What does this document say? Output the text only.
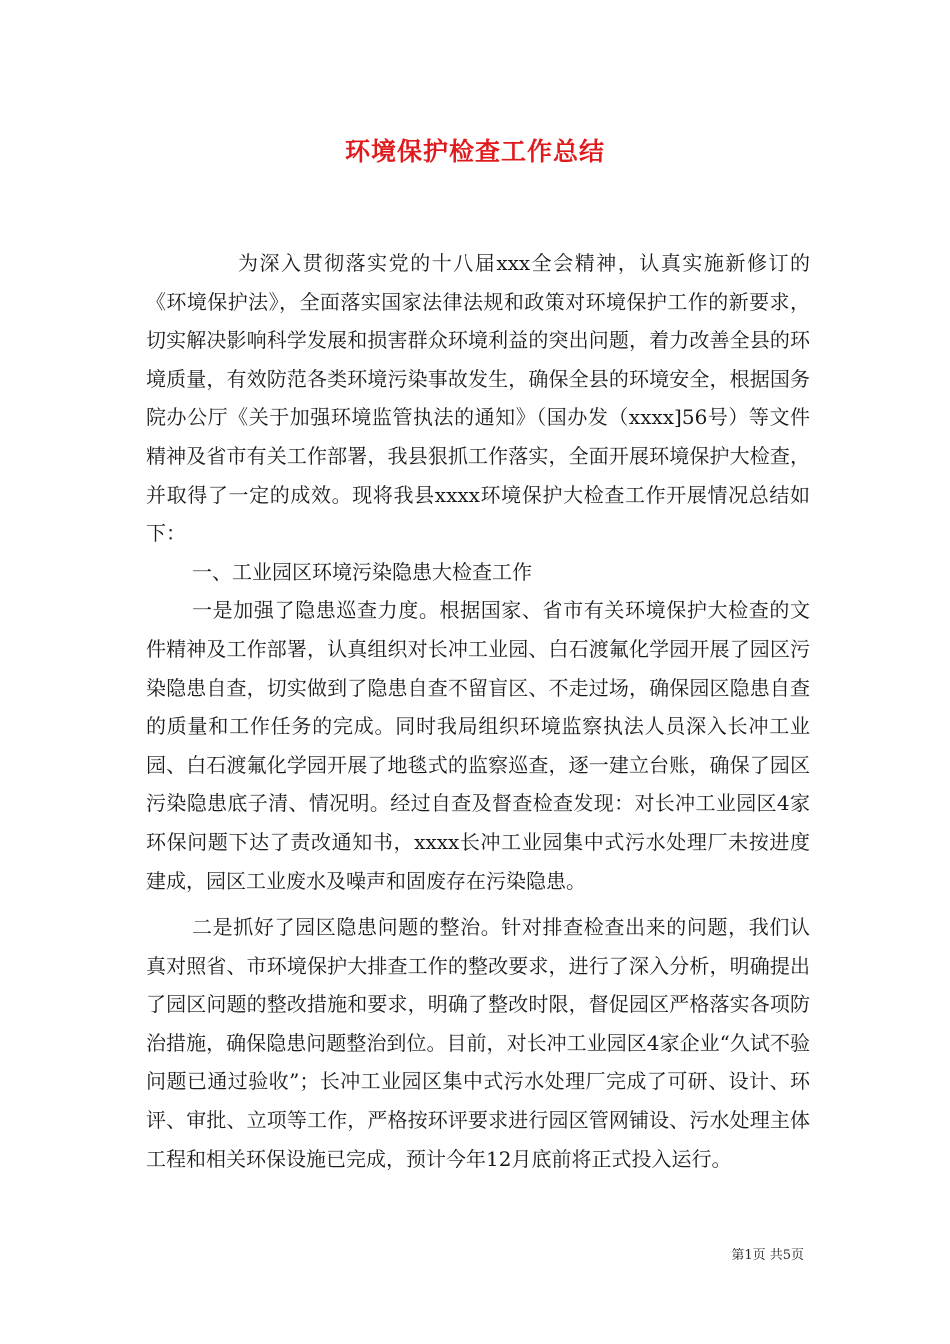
环境保护检查工作总结

为深入贯彻落实党的十八届xxx全会精神，认真实施新修订的《环境保护法》，全面落实国家法律法规和政策对环境保护工作的新要求，切实解决影响科学发展和损害群众环境利益的突出问题，着力改善全县的环境质量，有效防范各类环境污染事故发生，确保全县的环境安全，根据国务院办公厅《关于加强环境监管执法的通知》（国办发（xxxx]56号）等文件精神及省市有关工作部署，我县狠抓工作落实，全面开展环境保护大检查，并取得了一定的成效。现将我县xxxx环境保护大检查工作开展情况总结如下：

一、工业园区环境污染隐患大检查工作

一是加强了隐患巡查力度。根据国家、省市有关环境保护大检查的文件精神及工作部署，认真组织对长冲工业园、白石渡氟化学园开展了园区污染隐患自查，切实做到了隐患自查不留盲区、不走过场，确保园区隐患自查的质量和工作任务的完成。同时我局组织环境监察执法人员深入长冲工业园、白石渡氟化学园开展了地毯式的监察巡查，逐一建立台账，确保了园区污染隐患底子清、情况明。经过自查及督查检查发现：对长冲工业园区4家环保问题下达了责改通知书，xxxx长冲工业园集中式污水处理厂未按进度建成，园区工业废水及噪声和固废存在污染隐患。

二是抓好了园区隐患问题的整治。针对排查检查出来的问题，我们认真对照省、市环境保护大排查工作的整改要求，进行了深入分析，明确提出了园区问题的整改措施和要求，明确了整改时限，督促园区严格落实各项防治措施，确保隐患问题整治到位。目前，对长冲工业园区4家企业“久试不验问题已通过验收”；长冲工业园区集中式污水处理厂完成了可研、设计、环评、审批、立项等工作，严格按环评要求进行园区管网铺设、污水处理主体工程和相关环保设施已完成，预计今年12月底前将正式投入运行。

第1页 共5页
